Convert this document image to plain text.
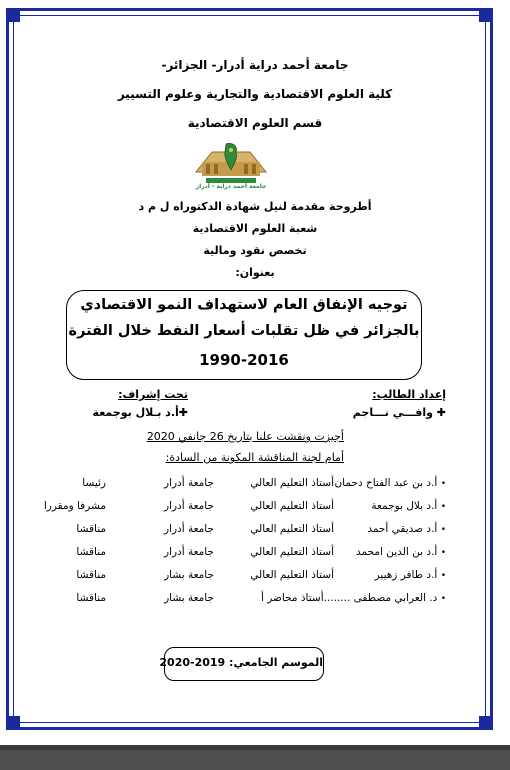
جامعة أحمد دراية أدرار- الجزائر-
كلية العلوم الاقتصادية والتجارية وعلوم التسيير
قسم العلوم الاقتصادية
جامعة أحمد دراية - أدرار
أطروحة مقدمة لنيل شهادة الدكتوراه ل م د
شعبة العلوم الاقتصادية
تخصص نقود ومالية
بعنوان:
توجيه الإنفاق العام لاستهداف النمو الاقتصادي
بالجزائر في ظل تقلبات أسعار النفط خلال الفترة
1990-2016
إعداد الطالب:
✚ وافـــي نـــاجم
تحت إشراف:
✚أ.د بـلال بوجمعة
أجيزت ونقشت علنا بتاريخ 26 جانفي 2020
أمام لجنة المناقشة المكونة من السادة:
• أ.د بن عبد الفتاح دحمان
أستاذ التعليم العالي
جامعة أدرار
رئيسا
• أ.د بلال بوجمعة
أستاذ التعليم العالي
جامعة أدرار
مشرفا ومقررا
• أ.د صديقي أحمد
أستاذ التعليم العالي
جامعة أدرار
مناقشا
• أ.د بن الدين امحمد
أستاذ التعليم العالي
جامعة أدرار
مناقشا
• أ.د طافر زهيير
أستاذ التعليم العالي
جامعة بشار
مناقشا
• د. العرابي مصطفى ........أستاذ محاضر أ
جامعة بشار
مناقشا
الموسم الجامعي: 2019-2020
